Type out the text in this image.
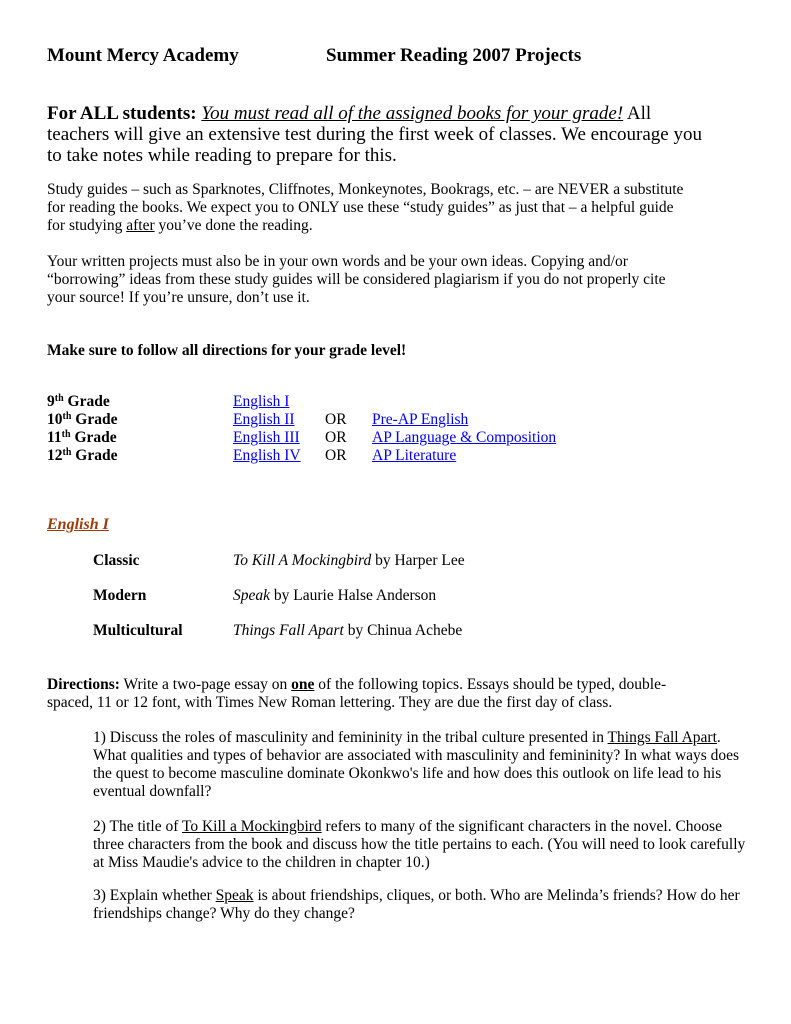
Mount Mercy Academy	Summer Reading 2007 Projects
For ALL students: You must read all of the assigned books for your grade! All
teachers will give an extensive test during the first week of classes. We encourage you
to take notes while reading to prepare for this.
Study guides – such as Sparknotes, Cliffnotes, Monkeynotes, Bookrags, etc. – are NEVER a substitute
for reading the books. We expect you to ONLY use these “study guides” as just that – a helpful guide
for studying after you’ve done the reading.
Your written projects must also be in your own words and be your own ideas. Copying and/or
“borrowing” ideas from these study guides will be considered plagiarism if you do not properly cite
your source! If you’re unsure, don’t use it.
Make sure to follow all directions for your grade level!
9th Grade	English I
10th Grade	English II OR Pre-AP English
11th Grade	English III OR AP Language & Composition
12th Grade	English IV OR AP Literature
English I
Classic	To Kill A Mockingbird by Harper Lee
Modern	Speak by Laurie Halse Anderson
Multicultural	Things Fall Apart by Chinua Achebe
Directions: Write a two-page essay on one of the following topics. Essays should be typed, double-
spaced, 11 or 12 font, with Times New Roman lettering. They are due the first day of class.
1) Discuss the roles of masculinity and femininity in the tribal culture presented in Things Fall Apart. What qualities and types of behavior are associated with masculinity and femininity? In what ways does the quest to become masculine dominate Okonkwo's life and how does this outlook on life lead to his eventual downfall?
2) The title of To Kill a Mockingbird refers to many of the significant characters in the novel. Choose three characters from the book and discuss how the title pertains to each. (You will need to look carefully at Miss Maudie's advice to the children in chapter 10.)
3) Explain whether Speak is about friendships, cliques, or both. Who are Melinda’s friends? How do her friendships change? Why do they change?
